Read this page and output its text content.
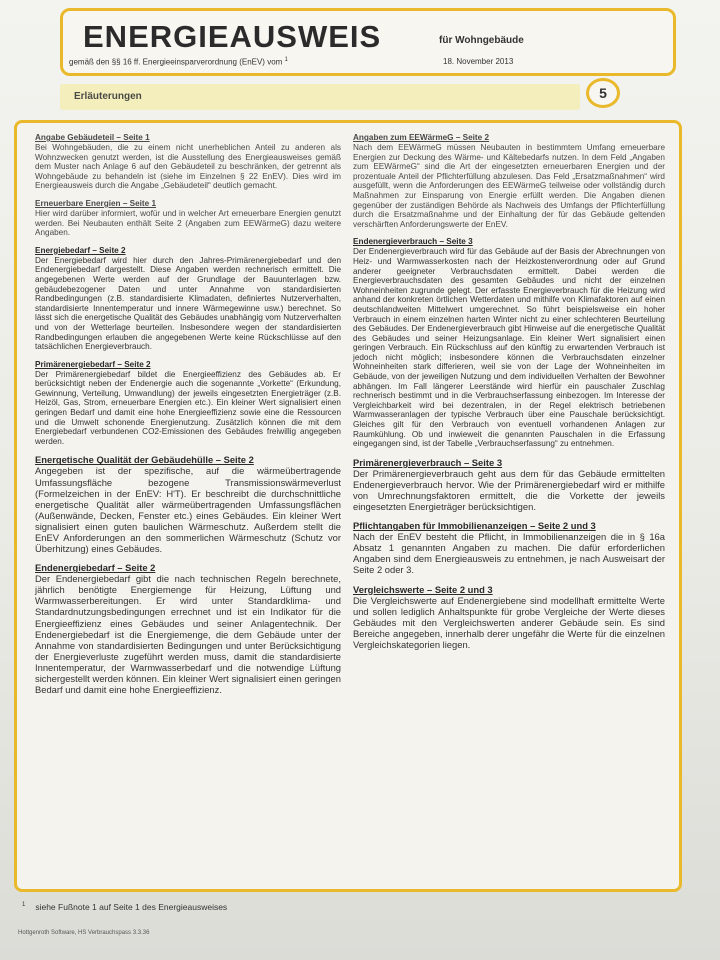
ENERGIEAUSWEIS	für Wohngebäude
gemäß den §§ 16 ff. Energieeinsparverordnung (EnEV) vom $^1$	18. November 2013
Erläuterungen	5

Angabe Gebäudeteil – Seite 1

Bei Wohngebäuden, die zu einem nicht unerheblichen Anteil zu anderen als Wohnzwecken genutzt werden, ist die Ausstellung des Energieausweises gemäß dem Muster nach Anlage 6 auf den Gebäudeteil zu beschränken, der getrennt als Wohngebäude zu behandeln ist (siehe im Einzelnen § 22 EnEV). Dies wird im Energieausweis durch die Angabe „Gebäudeteil“ deutlich gemacht.

Erneuerbare Energien – Seite 1

Hier wird darüber informiert, wofür und in welcher Art erneuerbare Energien genutzt werden. Bei Neubauten enthält Seite 2 (Angaben zum EEWärmeG) dazu weitere Angaben.

Energiebedarf – Seite 2

Der Energiebedarf wird hier durch den Jahres-Primärenergiebedarf und den Endenergiebedarf dargestellt. Diese Angaben werden rechnerisch ermittelt. Die angegebenen Werte werden auf der Grundlage der Bauunterlagen bzw. gebäudebezogener Daten und unter Annahme von standardisierten Randbedingungen (z.B. standardisierte Klimadaten, definiertes Nutzerverhalten, standardisierte Innentemperatur und innere Wärmegewinne usw.) berechnet. So lässt sich die energetische Qualität des Gebäudes unabhängig vom Nutzerverhalten und von der Wetterlage beurteilen. Insbesondere wegen der standardisierten Randbedingungen erlauben die angegebenen Werte keine Rückschlüsse auf den tatsächlichen Energieverbrauch.

Primärenergiebedarf – Seite 2

Der Primärenergiebedarf bildet die Energieeffizienz des Gebäudes ab. Er berücksichtigt neben der Endenergie auch die sogenannte „Vorkette“ (Erkundung, Gewinnung, Verteilung, Umwandlung) der jeweils eingesetzten Energieträger (z.B. Heizöl, Gas, Strom, erneuerbare Energien etc.). Ein kleiner Wert signalisiert einen geringen Bedarf und damit eine hohe Energieeffizienz sowie eine die Ressourcen und die Umwelt schonende Energienutzung. Zusätzlich können die mit dem Energiebedarf verbundenen CO2-Emissionen des Gebäudes freiwillig angegeben werden.

Energetische Qualität der Gebäudehülle – Seite 2

Angegeben ist der spezifische, auf die wärmeübertragende Umfassungsfläche bezogene Transmissionswärmeverlust (Formelzeichen in der EnEV: H'T). Er beschreibt die durchschnittliche energetische Qualität aller wärmeübertragenden Umfassungsflächen (Außenwände, Decken, Fenster etc.) eines Gebäudes. Ein kleiner Wert signalisiert einen guten baulichen Wärmeschutz. Außerdem stellt die EnEV Anforderungen an den sommerlichen Wärmeschutz (Schutz vor Überhitzung) eines Gebäudes.

Endenergiebedarf – Seite 2

Der Endenergiebedarf gibt die nach technischen Regeln berechnete, jährlich benötigte Energiemenge für Heizung, Lüftung und Warmwasserbereitungen. Er wird unter Standardklima- und Standardnutzungsbedingungen errechnet und ist ein Indikator für die Energieeffizienz eines Gebäudes und seiner Anlagentechnik. Der Endenergiebedarf ist die Energiemenge, die dem Gebäude unter der Annahme von standardisierten Bedingungen und unter Berücksichtigung der Energieverluste zugeführt werden muss, damit die standardisierte Innentemperatur, der Warmwasserbedarf und die notwendige Lüftung sichergestellt werden können. Ein kleiner Wert signalisiert einen geringen Bedarf und damit eine hohe Energieeffizienz.

Angaben zum EEWärmeG – Seite 2

Nach dem EEWärmeG müssen Neubauten in bestimmtem Umfang erneuerbare Energien zur Deckung des Wärme- und Kältebedarfs nutzen. In dem Feld „Angaben zum EEWärmeG“ sind die Art der eingesetzten erneuerbaren Energien und der prozentuale Anteil der Pflichterfüllung abzulesen. Das Feld „Ersatzmaßnahmen“ wird ausgefüllt, wenn die Anforderungen des EEWärmeG teilweise oder vollständig durch Maßnahmen zur Einsparung von Energie erfüllt werden. Die Angaben dienen gegenüber der zuständigen Behörde als Nachweis des Umfangs der Pflichterfüllung durch die Ersatzmaßnahme und der Einhaltung der für das Gebäude geltenden verschärften Anforderungswerte der EnEV.

Endenergieverbrauch – Seite 3

Der Endenergieverbrauch wird für das Gebäude auf der Basis der Abrechnungen von Heiz- und Warmwasserkosten nach der Heizkostenverordnung oder auf Grund anderer geeigneter Verbrauchsdaten ermittelt. Dabei werden die Energieverbrauchsdaten des gesamten Gebäudes und nicht der einzelnen Wohneinheiten zugrunde gelegt. Der erfasste Energieverbrauch für die Heizung wird anhand der konkreten örtlichen Wetterdaten und mithilfe von Klimafaktoren auf einen deutschlandweiten Mittelwert umgerechnet. So führt beispielsweise ein hoher Verbrauch in einem einzelnen harten Winter nicht zu einer schlechteren Beurteilung des Gebäudes. Der Endenergieverbrauch gibt Hinweise auf die energetische Qualität des Gebäudes und seiner Heizungsanlage. Ein kleiner Wert signalisiert einen geringen Verbrauch. Ein Rückschluss auf den künftig zu erwartenden Verbrauch ist jedoch nicht möglich; insbesondere können die Verbrauchsdaten einzelner Wohneinheiten stark differieren, weil sie von der Lage der Wohneinheiten im Gebäude, von der jeweiligen Nutzung und dem individuellen Verhalten der Bewohner abhängen. Im Fall längerer Leerstände wird hierfür ein pauschaler Zuschlag rechnerisch bestimmt und in die Verbrauchserfassung einbezogen. Im Interesse der Vergleichbarkeit wird bei dezentralen, in der Regel elektrisch betriebenen Warmwasseranlagen der typische Verbrauch über eine Pauschale berücksichtigt. Gleiches gilt für den Verbrauch von eventuell vorhandenen Anlagen zur Raumkühlung. Ob und inwieweit die genannten Pauschalen in die Erfassung eingegangen sind, ist der Tabelle „Verbrauchserfassung“ zu entnehmen.

Primärenergieverbrauch – Seite 3

Der Primärenergieverbrauch geht aus dem für das Gebäude ermittelten Endenergieverbrauch hervor. Wie der Primärenergiebedarf wird er mithilfe von Umrechnungsfaktoren ermittelt, die die Vorkette der jeweils eingesetzten Energieträger berücksichtigen.

Pflichtangaben für Immobilienanzeigen – Seite 2 und 3

Nach der EnEV besteht die Pflicht, in Immobilienanzeigen die in § 16a Absatz 1 genannten Angaben zu machen. Die dafür erforderlichen Angaben sind dem Energieausweis zu entnehmen, je nach Ausweisart der Seite 2 oder 3.

Vergleichswerte – Seite 2 und 3

Die Vergleichswerte auf Endenergiebene sind modellhaft ermittelte Werte und sollen lediglich Anhaltspunkte für grobe Vergleiche der Werte dieses Gebäudes mit den Vergleichswerten anderer Gebäude sein. Es sind Bereiche angegeben, innerhalb derer ungefähr die Werte für die einzelnen Vergleichskategorien liegen.

$^1$ siehe Fußnote 1 auf Seite 1 des Energieausweises
Hottgenroth Software, HS Verbrauchspass 3.3.36
